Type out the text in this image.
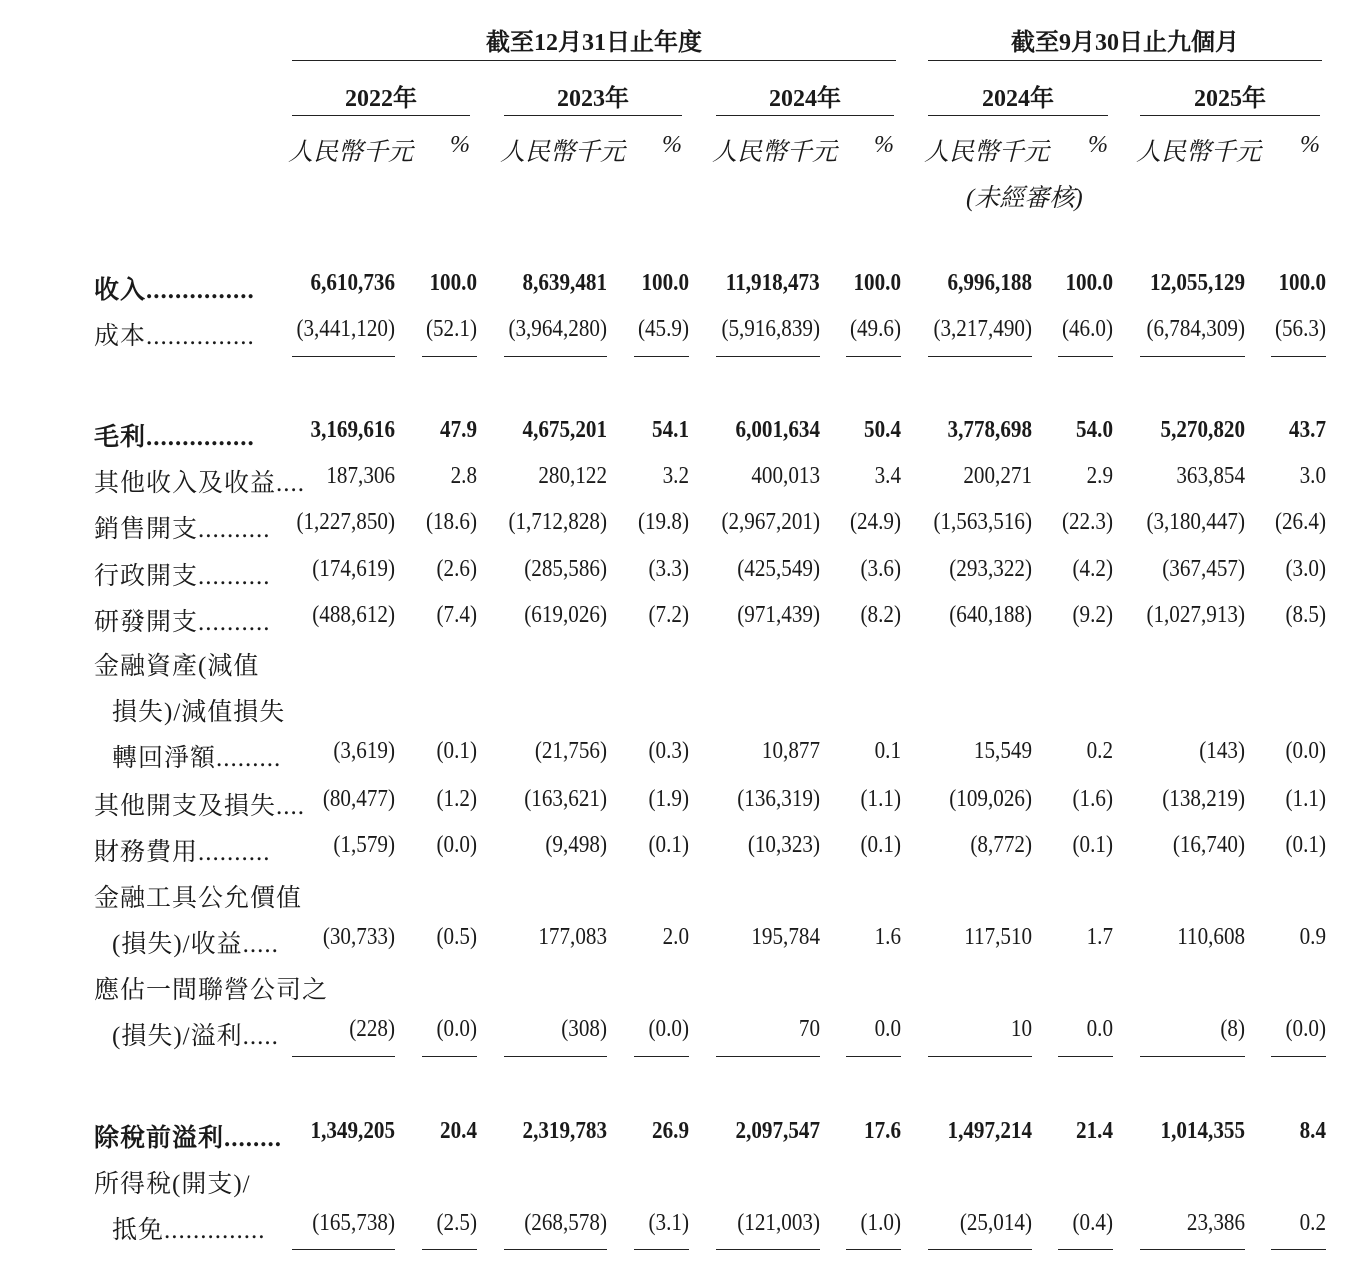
截至12月31日止年度	截至9月30日止九個月
2022年	2023年	2024年	2024年	2025年
人民幣千元	% 人民幣千元	% 人民幣千元	% 人民幣千元	% 人民幣千元	%
(未經審核)
收入............... 6,610,736 100.0 8,639,481 100.0 11,918,473 100.0 6,996,188 100.0 12,055,129 100.0
成本............... (3,441,120) (52.1) (3,964,280) (45.9) (5,916,839) (49.6) (3,217,490) (46.0) (6,784,309) (56.3)
毛利............... 3,169,616 47.9 4,675,201 54.1 6,001,634 50.4 3,778,698 54.0 5,270,820 43.7
其他收入及收益.... 187,306 2.8	280,122 3.2	400,013 3.4	200,271 2.9	363,854 3.0
銷售開支.......... (1,227,850) (18.6) (1,712,828) (19.8) (2,967,201) (24.9) (1,563,516) (22.3) (3,180,447) (26.4)
行政開支.......... (174,619) (2.6) (285,586) (3.3) (425,549) (3.6) (293,322) (4.2) (367,457) (3.0)
研發開支.......... (488,612) (7.4) (619,026) (7.2) (971,439) (8.2) (640,188) (9.2) (1,027,913) (8.5)
金融資產(減值
損失)/減值損失
轉回淨額......... (3,619) (0.1) (21,756) (0.3)	10,877 0.1	15,549 0.2	(143) (0.0)
其他開支及損失.... (80,477) (1.2) (163,621) (1.9) (136,319) (1.1) (109,026) (1.6) (138,219) (1.1)
財務費用..........	(1,579) (0.0)	(9,498) (0.1) (10,323) (0.1)	(8,772) (0.1) (16,740) (0.1)
金融工具公允價值
(損失)/收益..... (30,733) (0.5)	177,083 2.0	195,784 1.6	117,510 1.7	110,608 0.9
應佔一間聯營公司之
(損失)/溢利.....	(228) (0.0)	(308) (0.0)	70 0.0	10 0.0	(8) (0.0)
除稅前溢利........ 1,349,205 20.4 2,319,783 26.9 2,097,547 17.6 1,497,214 21.4 1,014,355 8.4
所得稅(開支)/
抵免.............. (165,738) (2.5) (268,578) (3.1) (121,003) (1.0) (25,014) (0.4)	23,386 0.2
